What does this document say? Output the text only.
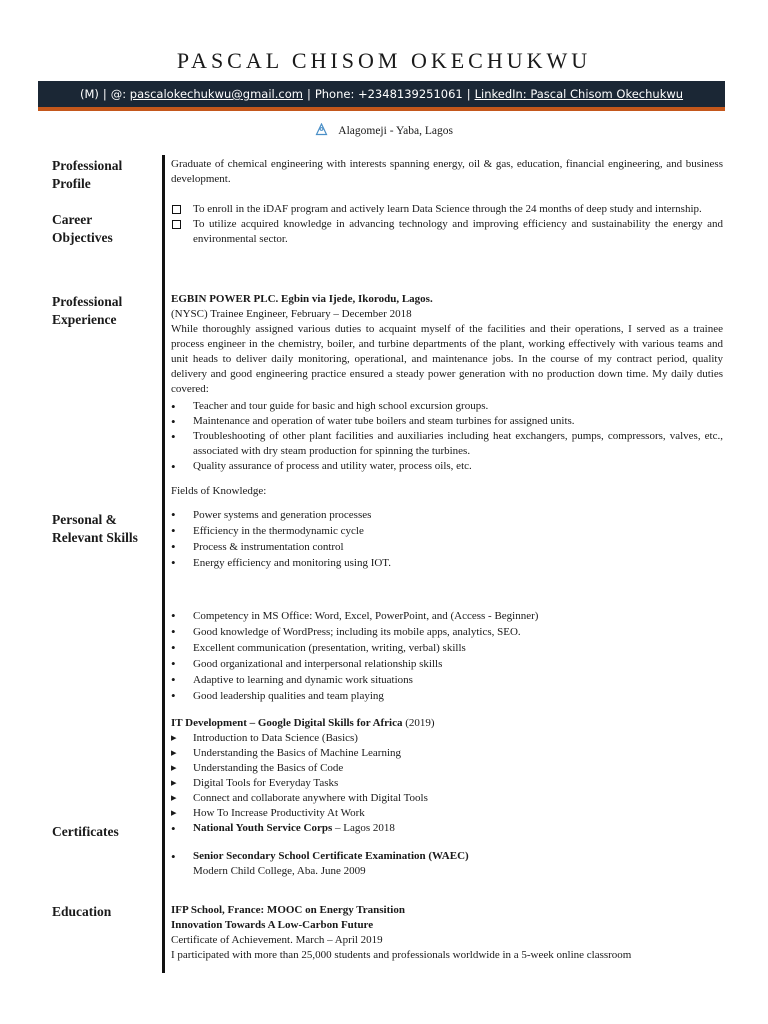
PASCAL CHISOM OKECHUKWU
(M) | @:
pascalokechukwu@gmail.com | Phone: +2348139251061 | LinkedIn: Pascal Chisom Okechukwu
Alagomeji - Yaba, Lagos
Professional Profile
Career Objectives
Professional Experience
Personal & Relevant Skills
Certificates
Education
Graduate of chemical engineering with interests spanning energy, oil & gas, education, financial engineering, and business development.
To enroll in the iDAF program and actively learn Data Science through the 24 months of deep study and internship.
To utilize acquired knowledge in advancing technology and improving efficiency and sustainability the energy and environmental sector.

EGBIN POWER PLC. Egbin via Ijede, Ikorodu, Lagos.

(NYSC) Trainee Engineer, February – December 2018

While thoroughly assigned various duties to acquaint myself of the facilities and their operations, I served as a trainee process engineer in the chemistry, boiler, and turbine departments of the plant, working effectively with various teams and unit heads to deliver daily monitoring, operational, and maintenance jobs. In the course of my contract period, quality delivery and good engineering practice ensured a steady power generation with no production down time. My daily duties covered:

• Teacher and tour guide for basic and high school excursion groups.
• Maintenance and operation of water tube boilers and steam turbines for assigned units.
• Troubleshooting of other plant facilities and auxiliaries including heat exchangers, pumps, compressors, valves, etc., associated with dry steam production for spinning the turbines.
• Quality assurance of process and utility water, process oils, etc.
Fields of Knowledge:
• Power systems and generation processes
• Efficiency in the thermodynamic cycle
• Process & instrumentation control
• Energy efficiency and monitoring using IOT.
• Competency in MS Office: Word, Excel, PowerPoint, and (Access - Beginner)
• Good knowledge of WordPress; including its mobile apps, analytics, SEO.
• Excellent communication (presentation, writing, verbal) skills
• Good organizational and interpersonal relationship skills
• Adaptive to learning and dynamic work situations
• Good leadership qualities and team playing

IT Development – Google Digital Skills for Africa (2019)

▸ Introduction to Data Science (Basics)
▸ Understanding the Basics of Machine Learning
▸ Understanding the Basics of Code
▸ Digital Tools for Everyday Tasks
▸ Connect and collaborate anywhere with Digital Tools
▸ How To Increase Productivity At Work
• National Youth Service Corps – Lagos 2018
• Senior Secondary School Certificate Examination (WAEC)
Modern Child College, Aba. June 2009

IFP School, France: MOOC on Energy Transition

Innovation Towards A Low-Carbon Future

Certificate of Achievement. March – April 2019

I participated with more than 25,000 students and professionals worldwide in a 5-week online classroom
